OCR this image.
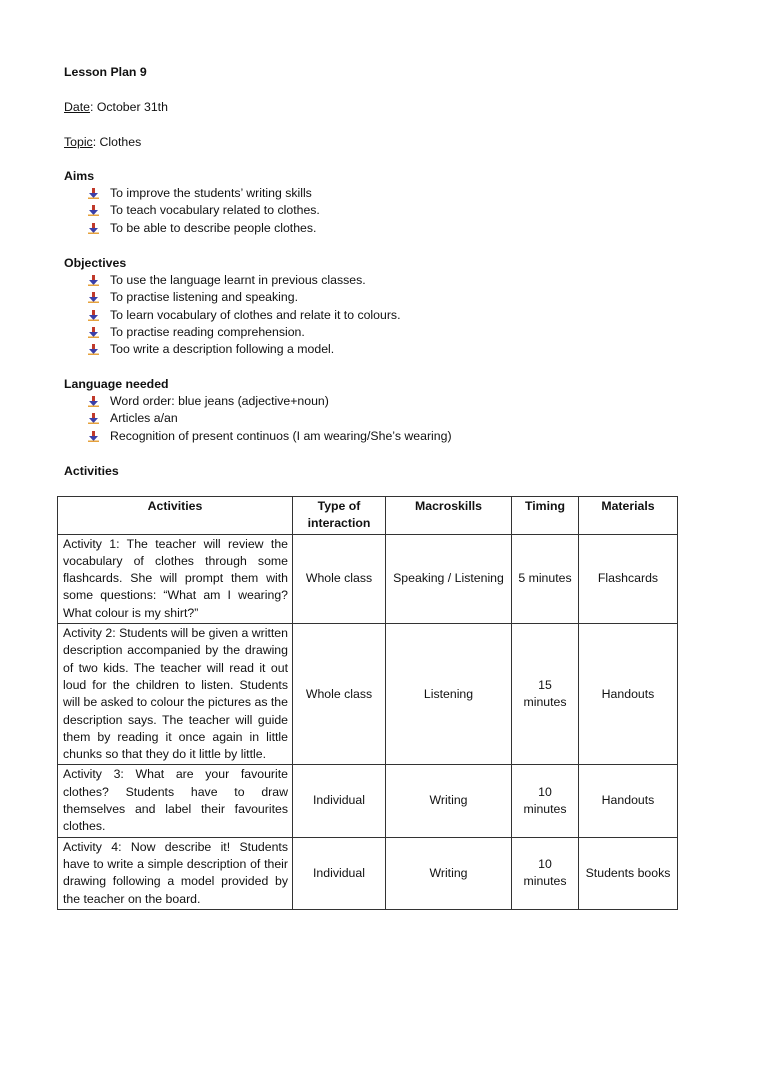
Lesson Plan 9
Date: October 31th
Topic: Clothes
Aims
To improve the students’ writing skills
To teach vocabulary related to clothes.
To be able to describe people clothes.
Objectives
To use the language learnt in previous classes.
To practise listening and speaking.
To learn vocabulary of clothes and relate it to colours.
To practise reading comprehension.
Too write a description following a model.
Language needed
Word order: blue jeans (adjective+noun)
Articles a/an
Recognition of present continuos (I am wearing/She’s wearing)
Activities
Activities	Type of interaction	Macroskills	Timing	Materials
Activity 1: The teacher will review the vocabulary of clothes through some flashcards. She will prompt them with some questions: “What am I wearing? What colour is my shirt?”	Whole class	Speaking / Listening	5 minutes	Flashcards
Activity 2: Students will be given a written description accompanied by the drawing of two kids. The teacher will read it out loud for the children to listen. Students will be asked to colour the pictures as the description says. The teacher will guide them by reading it once again in little chunks so that they do it little by little.	Whole class	Listening	15 minutes	Handouts
Activity 3: What are your favourite clothes? Students have to draw themselves and label their favourites clothes.	Individual	Writing	10 minutes	Handouts
Activity 4: Now describe it! Students have to write a simple description of their drawing following a model provided by the teacher on the board.	Individual	Writing	10 minutes	Students books
